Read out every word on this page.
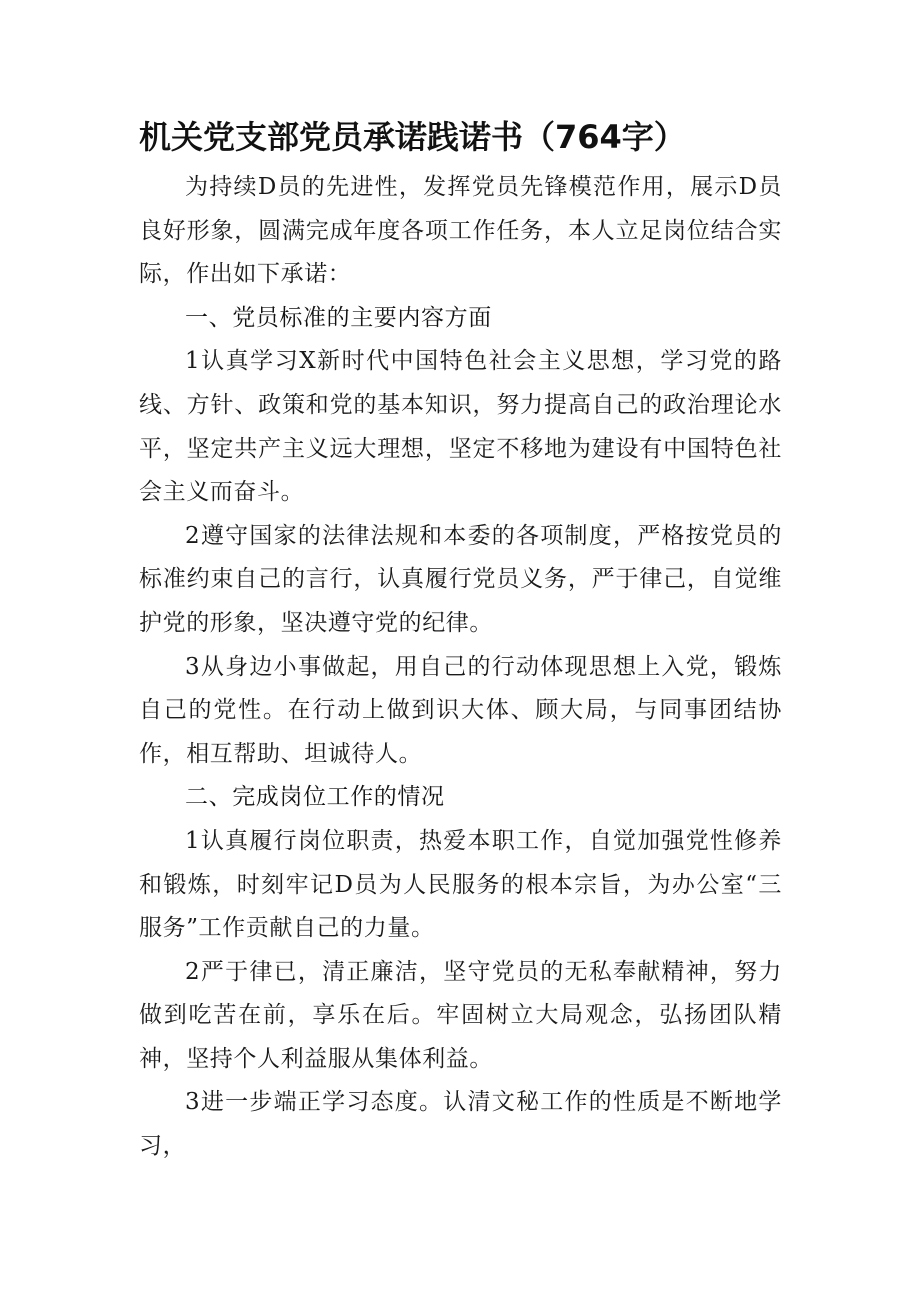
机关党支部党员承诺践诺书（764字）

为持续D员的先进性，发挥党员先锋模范作用，展示D员良好形象，圆满完成年度各项工作任务，本人立足岗位结合实际，作出如下承诺：

一、党员标准的主要内容方面

1认真学习X新时代中国特色社会主义思想，学习党的路线、方针、政策和党的基本知识，努力提高自己的政治理论水平，坚定共产主义远大理想，坚定不移地为建设有中国特色社会主义而奋斗。

2遵守国家的法律法规和本委的各项制度，严格按党员的标准约束自己的言行，认真履行党员义务，严于律己，自觉维护党的形象，坚决遵守党的纪律。

3从身边小事做起，用自己的行动体现思想上入党，锻炼自己的党性。在行动上做到识大体、顾大局，与同事团结协作，相互帮助、坦诚待人。

二、完成岗位工作的情况

1认真履行岗位职责，热爱本职工作，自觉加强党性修养和锻炼，时刻牢记D员为人民服务的根本宗旨，为办公室“三服务”工作贡献自己的力量。

2严于律已，清正廉洁，坚守党员的无私奉献精神，努力做到吃苦在前，享乐在后。牢固树立大局观念，弘扬团队精神，坚持个人利益服从集体利益。

3进一步端正学习态度。认清文秘工作的性质是不断地学习，
